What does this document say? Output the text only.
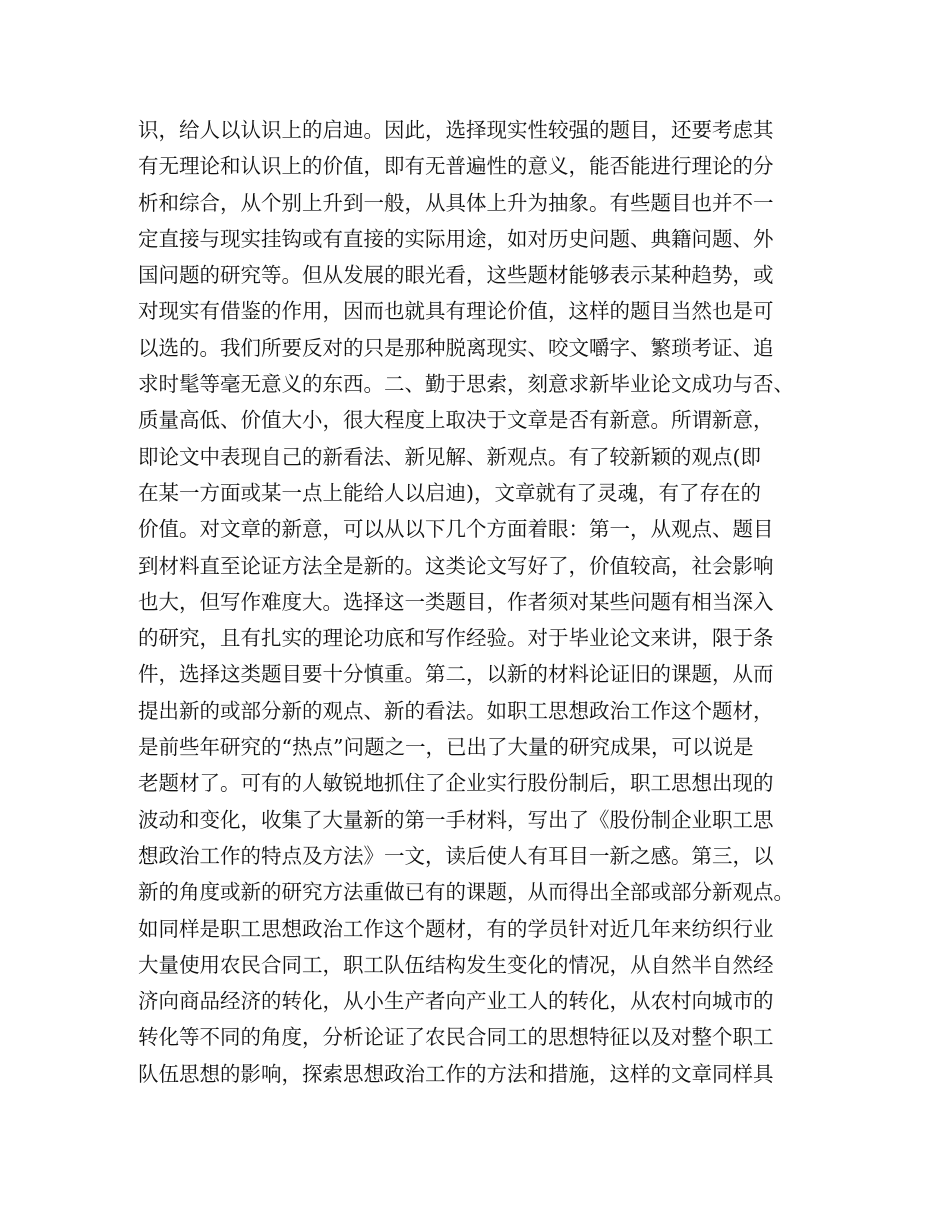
识，给人以认识上的启迪。因此，选择现实性较强的题目，还要考虑其
有无理论和认识上的价值，即有无普遍性的意义，能否能进行理论的分
析和综合，从个别上升到一般，从具体上升为抽象。有些题目也并不一
定直接与现实挂钩或有直接的实际用途，如对历史问题、典籍问题、外
国问题的研究等。但从发展的眼光看，这些题材能够表示某种趋势，或
对现实有借鉴的作用，因而也就具有理论价值，这样的题目当然也是可
以选的。我们所要反对的只是那种脱离现实、咬文嚼字、繁琐考证、追
求时髦等毫无意义的东西。二、勤于思索，刻意求新毕业论文成功与否、
质量高低、价值大小，很大程度上取决于文章是否有新意。所谓新意，
即论文中表现自己的新看法、新见解、新观点。有了较新颖的观点(即
在某一方面或某一点上能给人以启迪)，文章就有了灵魂，有了存在的
价值。对文章的新意，可以从以下几个方面着眼：第一，从观点、题目
到材料直至论证方法全是新的。这类论文写好了，价值较高，社会影响
也大，但写作难度大。选择这一类题目，作者须对某些问题有相当深入
的研究，且有扎实的理论功底和写作经验。对于毕业论文来讲，限于条
件，选择这类题目要十分慎重。第二，以新的材料论证旧的课题，从而
提出新的或部分新的观点、新的看法。如职工思想政治工作这个题材，
是前些年研究的“热点”问题之一，已出了大量的研究成果，可以说是
老题材了。可有的人敏锐地抓住了企业实行股份制后，职工思想出现的
波动和变化，收集了大量新的第一手材料，写出了《股份制企业职工思
想政治工作的特点及方法》一文，读后使人有耳目一新之感。第三，以
新的角度或新的研究方法重做已有的课题，从而得出全部或部分新观点。
如同样是职工思想政治工作这个题材，有的学员针对近几年来纺织行业
大量使用农民合同工，职工队伍结构发生变化的情况，从自然半自然经
济向商品经济的转化，从小生产者向产业工人的转化，从农村向城市的
转化等不同的角度，分析论证了农民合同工的思想特征以及对整个职工
队伍思想的影响，探索思想政治工作的方法和措施，这样的文章同样具
